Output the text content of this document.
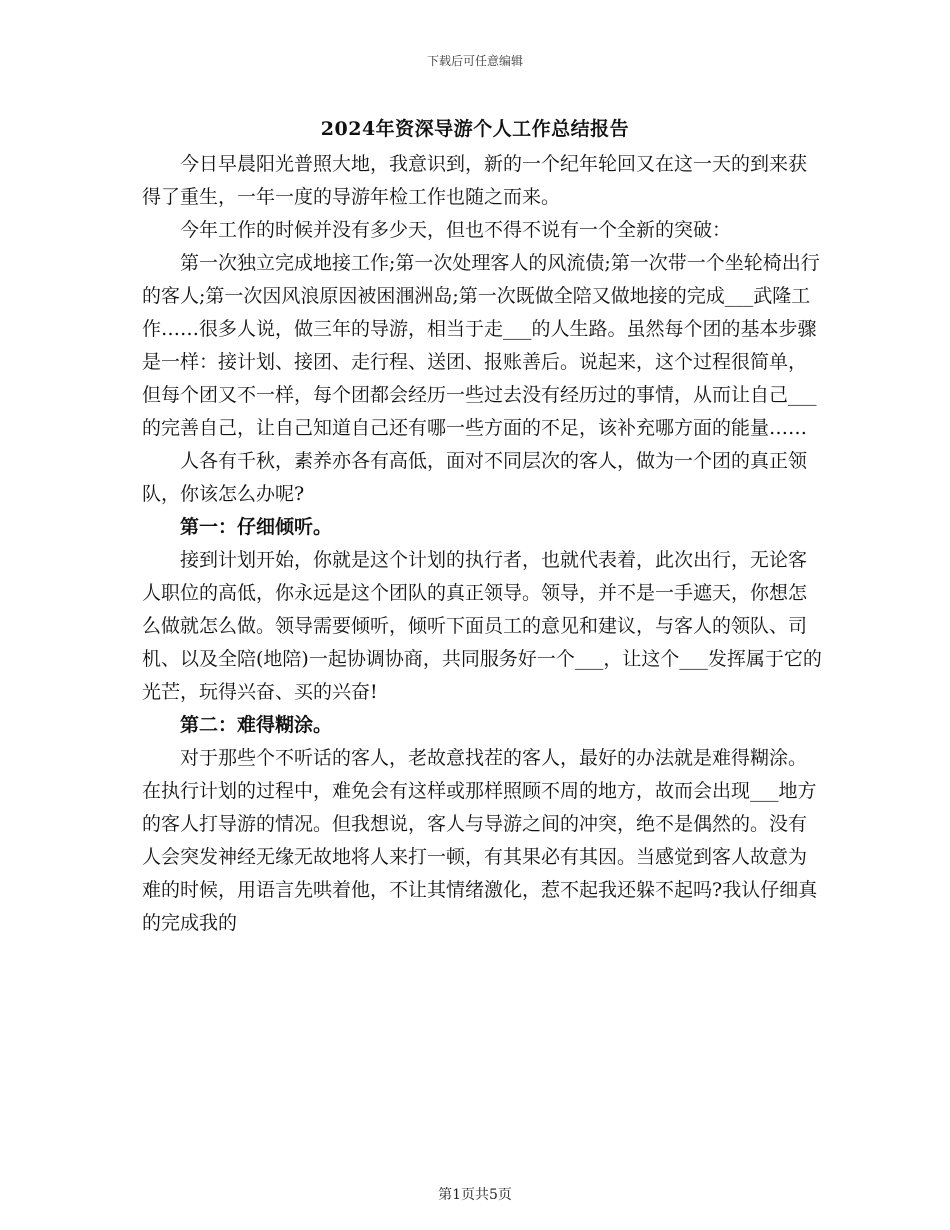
下载后可任意编辑
2024年资深导游个人工作总结报告

今日早晨阳光普照大地，我意识到，新的一个纪年轮回又在这一天的到来获得了重生，一年一度的导游年检工作也随之而来。

今年工作的时候并没有多少天，但也不得不说有一个全新的突破：

第一次独立完成地接工作;第一次处理客人的风流债;第一次带一个坐轮椅出行的客人;第一次因风浪原因被困涠洲岛;第一次既做全陪又做地接的完成___武隆工作……很多人说，做三年的导游，相当于走___的人生路。虽然每个团的基本步骤是一样：接计划、接团、走行程、送团、报账善后。说起来，这个过程很简单，但每个团又不一样，每个团都会经历一些过去没有经历过的事情，从而让自己___的完善自己，让自己知道自己还有哪一些方面的不足，该补充哪方面的能量……

人各有千秋，素养亦各有高低，面对不同层次的客人，做为一个团的真正领队，你该怎么办呢?

第一：仔细倾听。

接到计划开始，你就是这个计划的执行者，也就代表着，此次出行，无论客人职位的高低，你永远是这个团队的真正领导。领导，并不是一手遮天，你想怎么做就怎么做。领导需要倾听，倾听下面员工的意见和建议，与客人的领队、司机、以及全陪(地陪)一起协调协商，共同服务好一个___，让这个___发挥属于它的光芒，玩得兴奋、买的兴奋!

第二：难得糊涂。

对于那些个不听话的客人，老故意找茬的客人，最好的办法就是难得糊涂。在执行计划的过程中，难免会有这样或那样照顾不周的地方，故而会出现___地方的客人打导游的情况。但我想说，客人与导游之间的冲突，绝不是偶然的。没有人会突发神经无缘无故地将人来打一顿，有其果必有其因。当感觉到客人故意为难的时候，用语言先哄着他，不让其情绪激化，惹不起我还躲不起吗?我认仔细真的完成我的

第1页共5页
